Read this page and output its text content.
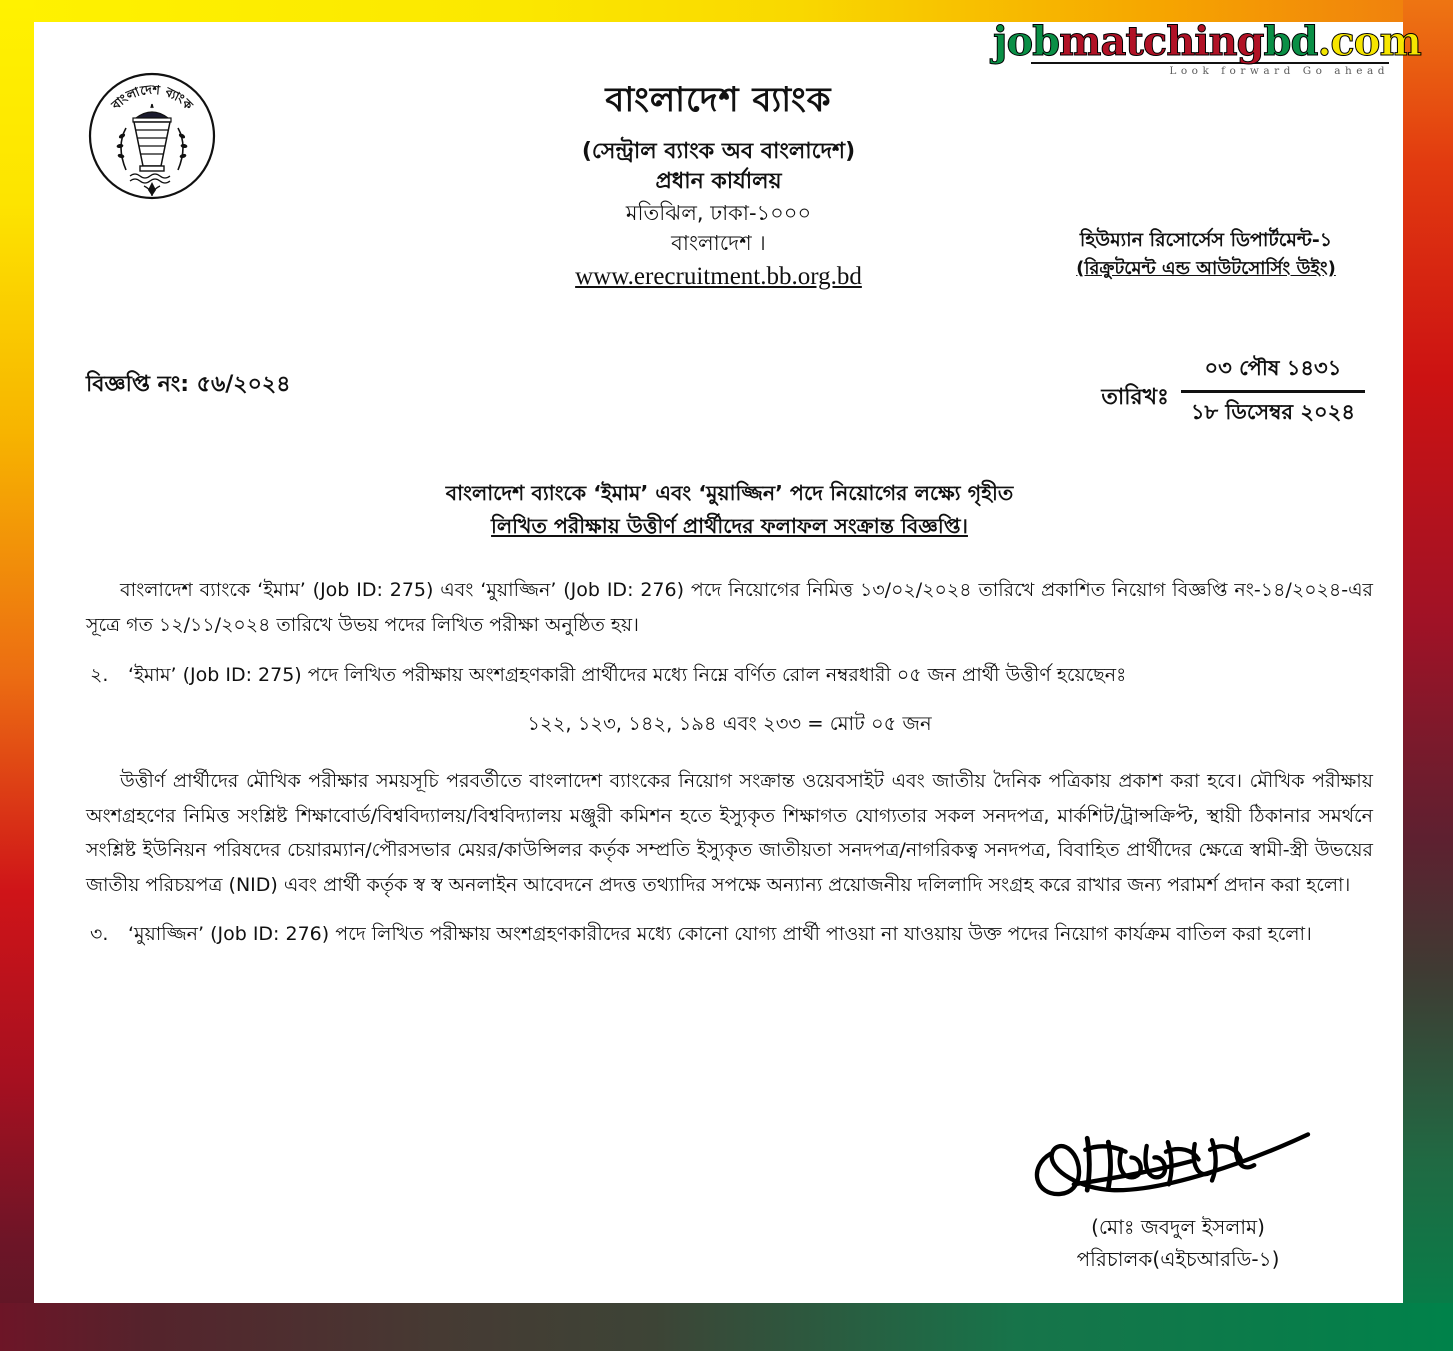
jobmatchingbd.com
Look forward Go ahead
বাংলাদেশ ব্যাংক	বাংলাদেশ ব্যাংক
(সেন্ট্রাল ব্যাংক অব বাংলাদেশ)
প্রধান কার্যালয়
মতিঝিল, ঢাকা-১০০০
বাংলাদেশ ।
www.erecruitment.bb.org.bd
হিউম্যান রিসোর্সেস ডিপার্টমেন্ট-১
(রিক্রুটমেন্ট এন্ড আউটসোর্সিং উইং)
বিজ্ঞপ্তি নং: ৫৬/২০২৪
তারিখঃ $\frac{\text{০৩ পৌষ ১৪৩১}}{\text{১৮ ডিসেম্বর ২০২৪}}$
বাংলাদেশ ব্যাংকে ‘ইমাম’ এবং ‘মুয়াজ্জিন’ পদে নিয়োগের লক্ষ্যে গৃহীত
লিখিত পরীক্ষায় উত্তীর্ণ প্রার্থীদের ফলাফল সংক্রান্ত বিজ্ঞপ্তি।
বাংলাদেশ ব্যাংকে ‘ইমাম’ (Job ID: 275) এবং ‘মুয়াজ্জিন’ (Job ID: 276) পদে নিয়োগের নিমিত্ত ১৩/০২/২০২৪ তারিখে প্রকাশিত নিয়োগ বিজ্ঞপ্তি নং-১৪/২০২৪-এর সূত্রে গত ১২/১১/২০২৪ তারিখে উভয় পদের লিখিত পরীক্ষা অনুষ্ঠিত হয়।
২.	‘ইমাম’ (Job ID: 275) পদে লিখিত পরীক্ষায় অংশগ্রহণকারী প্রার্থীদের মধ্যে নিম্নে বর্ণিত রোল নম্বরধারী ০৫ জন প্রার্থী উত্তীর্ণ হয়েছেনঃ
১২২, ১২৩, ১৪২, ১৯৪ এবং ২৩৩ = মোট ০৫ জন
উত্তীর্ণ প্রার্থীদের মৌখিক পরীক্ষার সময়সূচি পরবর্তীতে বাংলাদেশ ব্যাংকের নিয়োগ সংক্রান্ত ওয়েবসাইট এবং জাতীয় দৈনিক পত্রিকায় প্রকাশ করা হবে। মৌখিক পরীক্ষায় অংশগ্রহণের নিমিত্ত সংশ্লিষ্ট শিক্ষাবোর্ড/বিশ্ববিদ্যালয়/বিশ্ববিদ্যালয় মঞ্জুরী কমিশন হতে ইস্যুকৃত শিক্ষাগত যোগ্যতার সকল সনদপত্র, মার্কশিট/ট্রান্সক্রিপ্ট, স্থায়ী ঠিকানার সমর্থনে সংশ্লিষ্ট ইউনিয়ন পরিষদের চেয়ারম্যান/পৌরসভার মেয়র/কাউন্সিলর কর্তৃক সম্প্রতি ইস্যুকৃত জাতীয়তা সনদপত্র/নাগরিকত্ব সনদপত্র, বিবাহিত প্রার্থীদের ক্ষেত্রে স্বামী-স্ত্রী উভয়ের জাতীয় পরিচয়পত্র (NID) এবং প্রার্থী কর্তৃক স্ব স্ব অনলাইন আবেদনে প্রদত্ত তথ্যাদির সপক্ষে অন্যান্য প্রয়োজনীয় দলিলাদি সংগ্রহ করে রাখার জন্য পরামর্শ প্রদান করা হলো।
৩.	‘মুয়াজ্জিন’ (Job ID: 276) পদে লিখিত পরীক্ষায় অংশগ্রহণকারীদের মধ্যে কোনো যোগ্য প্রার্থী পাওয়া না যাওয়ায় উক্ত পদের নিয়োগ কার্যক্রম বাতিল করা হলো।
(মোঃ জবদুল ইসলাম)
পরিচালক(এইচআরডি-১)
